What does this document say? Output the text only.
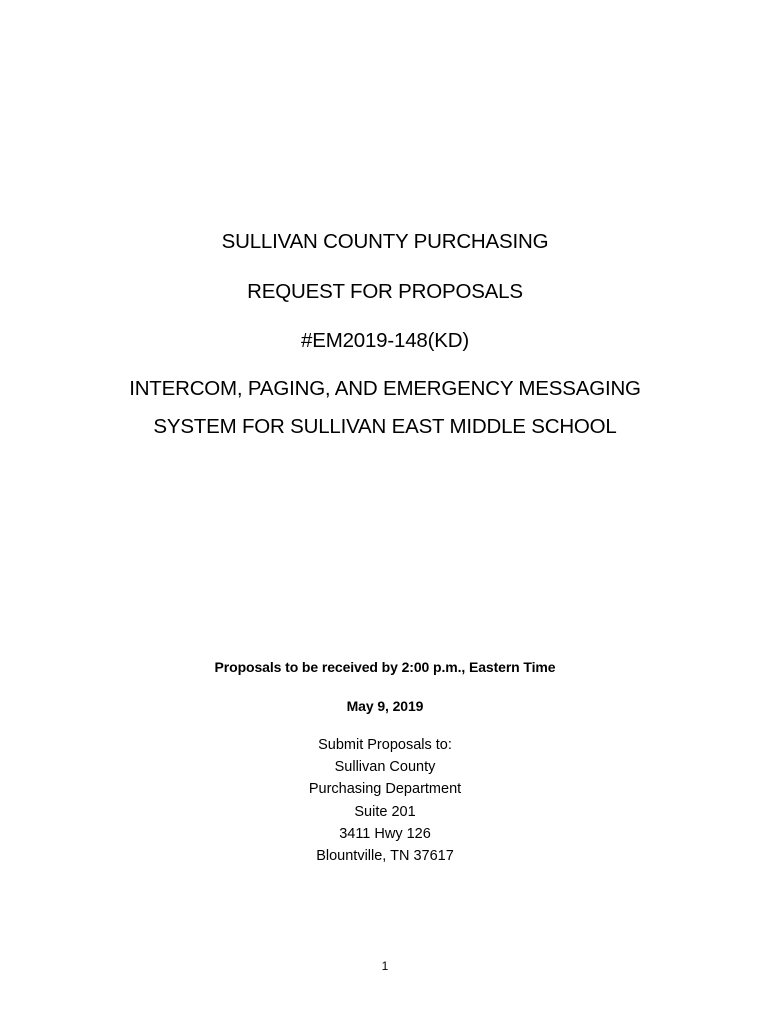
SULLIVAN COUNTY PURCHASING
REQUEST FOR PROPOSALS
#EM2019-148(KD)
INTERCOM, PAGING, AND EMERGENCY MESSAGING
SYSTEM FOR SULLIVAN EAST MIDDLE SCHOOL
Proposals to be received by 2:00 p.m., Eastern Time
May 9, 2019
Submit Proposals to:
Sullivan County
Purchasing Department
Suite 201
3411 Hwy 126
Blountville, TN 37617
1
